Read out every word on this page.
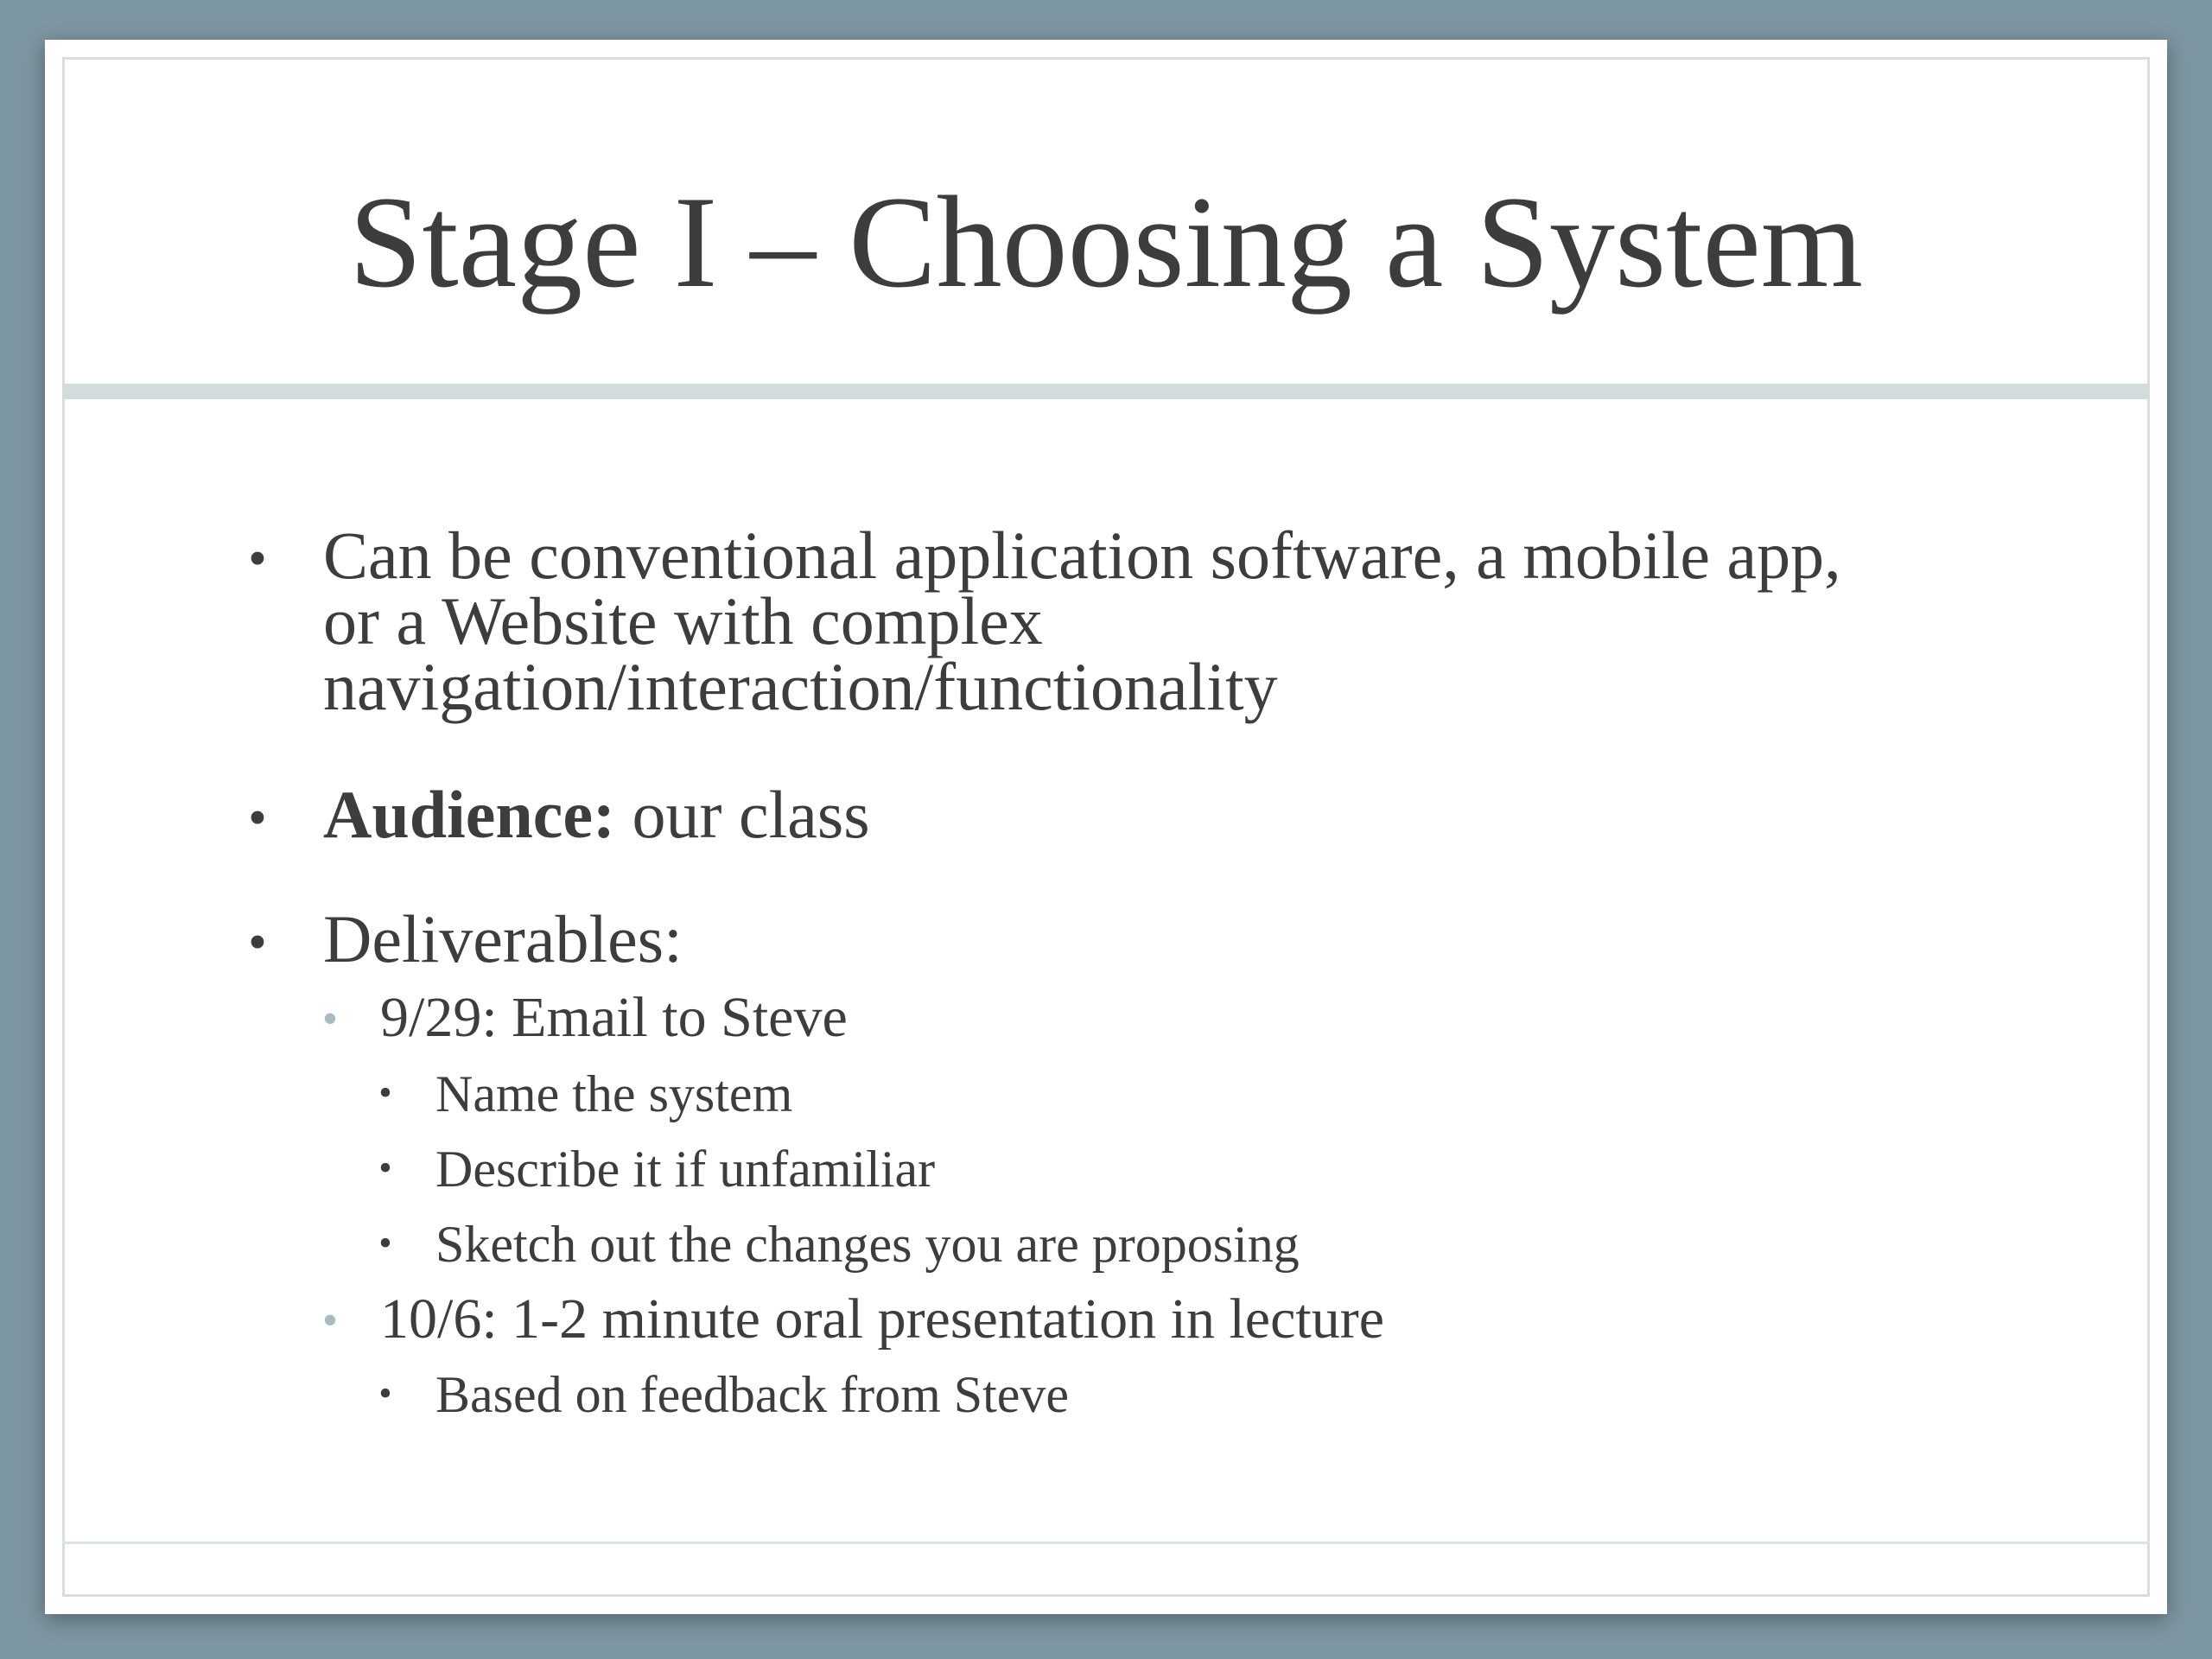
Stage I – Choosing a System
• Can be conventional application software, a mobile app,
or a Website with complex
navigation/interaction/functionality
• Audience: our class
• Deliverables:
• 9/29: Email to Steve
• Name the system
• Describe it if unfamiliar
• Sketch out the changes you are proposing
• 10/6: 1-2 minute oral presentation in lecture
• Based on feedback from Steve
